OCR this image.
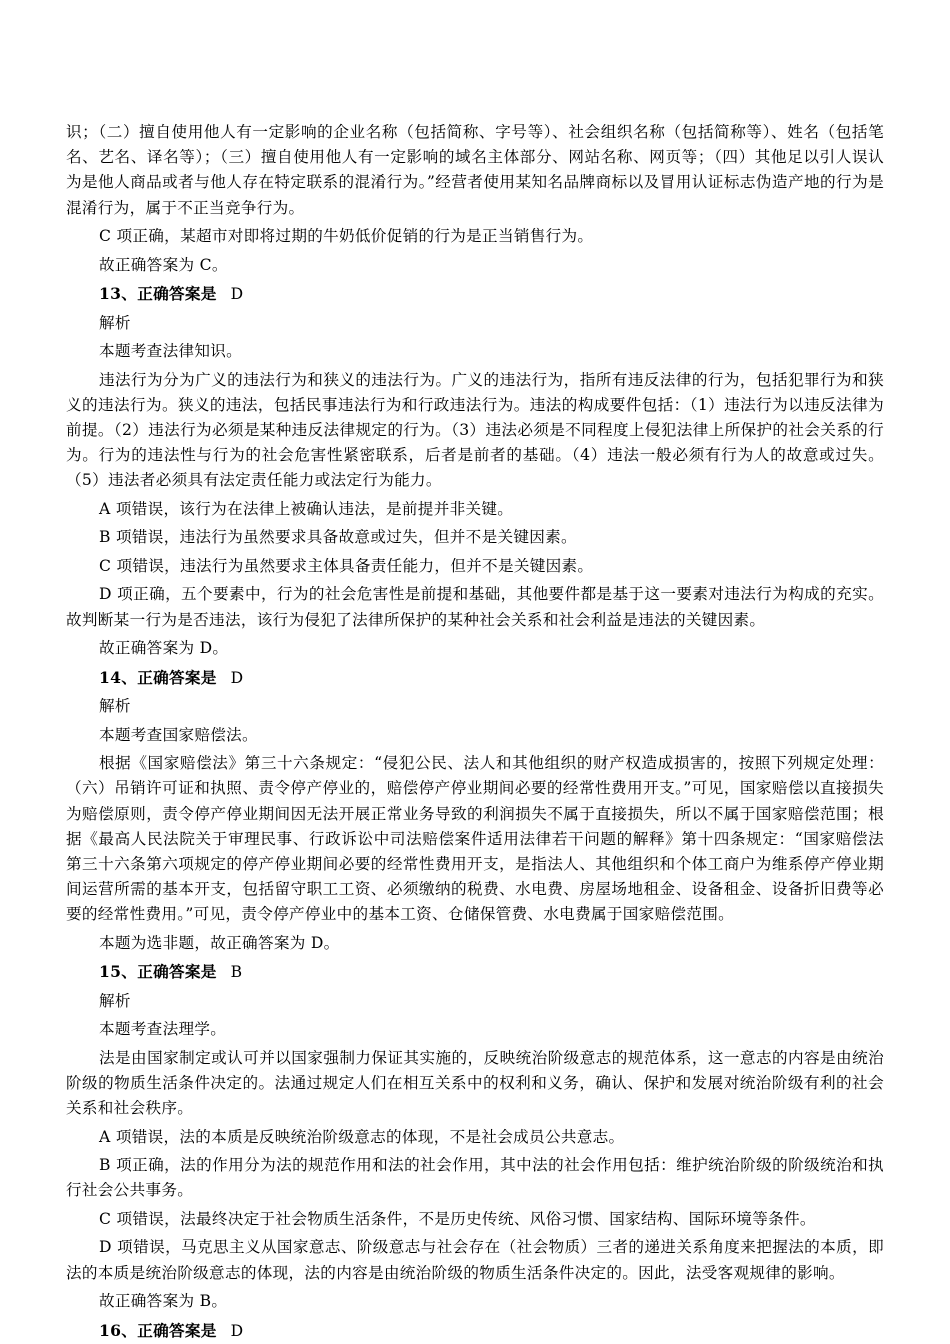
识；（二）擅自使用他人有一定影响的企业名称（包括简称、字号等）、社会组织名称（包括简称等）、姓名（包括笔名、艺名、译名等）；（三）擅自使用他人有一定影响的域名主体部分、网站名称、网页等；（四）其他足以引人误认为是他人商品或者与他人存在特定联系的混淆行为。”经营者使用某知名品牌商标以及冒用认证标志伪造产地的行为是混淆行为，属于不正当竞争行为。

C 项正确，某超市对即将过期的牛奶低价促销的行为是正当销售行为。

故正确答案为 C。

13、正确答案是 D

解析

本题考查法律知识。

违法行为分为广义的违法行为和狭义的违法行为。广义的违法行为，指所有违反法律的行为，包括犯罪行为和狭义的违法行为。狭义的违法，包括民事违法行为和行政违法行为。违法的构成要件包括：（1）违法行为以违反法律为前提。（2）违法行为必须是某种违反法律规定的行为。（3）违法必须是不同程度上侵犯法律上所保护的社会关系的行为。行为的违法性与行为的社会危害性紧密联系，后者是前者的基础。（4）违法一般必须有行为人的故意或过失。（5）违法者必须具有法定责任能力或法定行为能力。

A 项错误，该行为在法律上被确认违法，是前提并非关键。

B 项错误，违法行为虽然要求具备故意或过失，但并不是关键因素。

C 项错误，违法行为虽然要求主体具备责任能力，但并不是关键因素。

D 项正确，五个要素中，行为的社会危害性是前提和基础，其他要件都是基于这一要素对违法行为构成的充实。故判断某一行为是否违法，该行为侵犯了法律所保护的某种社会关系和社会利益是违法的关键因素。

故正确答案为 D。

14、正确答案是 D

解析

本题考查国家赔偿法。

根据《国家赔偿法》第三十六条规定：“侵犯公民、法人和其他组织的财产权造成损害的，按照下列规定处理：（六）吊销许可证和执照、责令停产停业的，赔偿停产停业期间必要的经常性费用开支。”可见，国家赔偿以直接损失为赔偿原则，责令停产停业期间因无法开展正常业务导致的利润损失不属于直接损失，所以不属于国家赔偿范围；根据《最高人民法院关于审理民事、行政诉讼中司法赔偿案件适用法律若干问题的解释》第十四条规定：“国家赔偿法第三十六条第六项规定的停产停业期间必要的经常性费用开支，是指法人、其他组织和个体工商户为维系停产停业期间运营所需的基本开支，包括留守职工工资、必须缴纳的税费、水电费、房屋场地租金、设备租金、设备折旧费等必要的经常性费用。”可见，责令停产停业中的基本工资、仓储保管费、水电费属于国家赔偿范围。

本题为选非题，故正确答案为 D。

15、正确答案是 B

解析

本题考查法理学。

法是由国家制定或认可并以国家强制力保证其实施的，反映统治阶级意志的规范体系，这一意志的内容是由统治阶级的物质生活条件决定的。法通过规定人们在相互关系中的权利和义务，确认、保护和发展对统治阶级有利的社会关系和社会秩序。

A 项错误，法的本质是反映统治阶级意志的体现，不是社会成员公共意志。

B 项正确，法的作用分为法的规范作用和法的社会作用，其中法的社会作用包括：维护统治阶级的阶级统治和执行社会公共事务。

C 项错误，法最终决定于社会物质生活条件，不是历史传统、风俗习惯、国家结构、国际环境等条件。

D 项错误，马克思主义从国家意志、阶级意志与社会存在（社会物质）三者的递进关系角度来把握法的本质，即法的本质是统治阶级意志的体现，法的内容是由统治阶级的物质生活条件决定的。因此，法受客观规律的影响。

故正确答案为 B。

16、正确答案是 D
